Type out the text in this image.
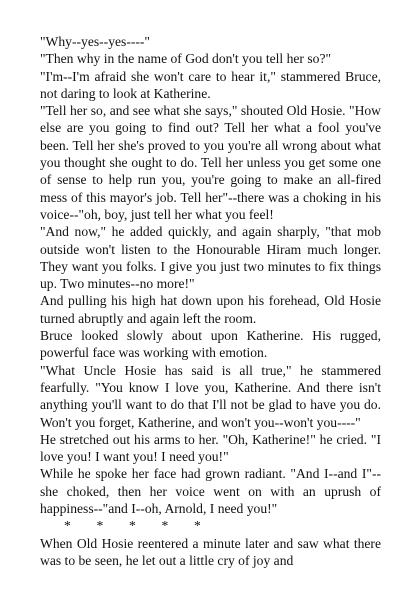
"Why--yes--yes----"

"Then why in the name of God don't you tell her so?"

"I'm--I'm afraid she won't care to hear it," stammered Bruce, not daring to look at Katherine.

"Tell her so, and see what she says," shouted Old Hosie. "How else are you going to find out? Tell her what a fool you've been. Tell her she's proved to you you're all wrong about what you thought she ought to do. Tell her unless you get some one of sense to help run you, you're going to make an all-fired mess of this mayor's job. Tell her"--there was a choking in his voice--"oh, boy, just tell her what you feel!

"And now," he added quickly, and again sharply, "that mob outside won't listen to the Honourable Hiram much longer. They want you folks. I give you just two minutes to fix things up. Two minutes--no more!"

And pulling his high hat down upon his forehead, Old Hosie turned abruptly and again left the room.

Bruce looked slowly about upon Katherine. His rugged, powerful face was working with emotion.

"What Uncle Hosie has said is all true," he stammered fearfully. "You know I love you, Katherine. And there isn't anything you'll want to do that I'll not be glad to have you do. Won't you forget, Katherine, and won't you--won't you----"

He stretched out his arms to her. "Oh, Katherine!" he cried. "I love you! I want you! I need you!"

While he spoke her face had grown radiant. "And I--and I"--she choked, then her voice went on with an uprush of happiness--"and I--oh, Arnold, I need you!"

* * * * *

When Old Hosie reentered a minute later and saw what there was to be seen, he let out a little cry of joy and
